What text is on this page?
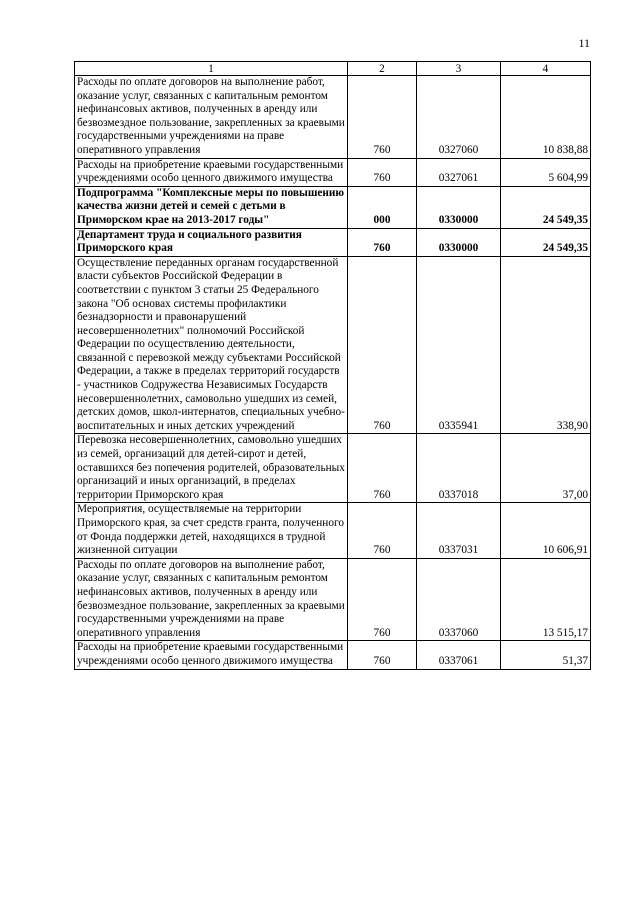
11
1	2	3	4
Расходы по оплате договоров на выполнение работ, оказание услуг, связанных с капитальным ремонтом нефинансовых активов, полученных в аренду или безвозмездное пользование, закрепленных за краевыми государственными учреждениями на праве оперативного управления	760	0327060	10 838,88
Расходы на приобретение краевыми государственными учреждениями особо ценного движимого имущества	760	0327061	5 604,99
Подпрограмма "Комплексные меры по повышению качества жизни детей и семей с детьми в Приморском крае на 2013-2017 годы"	000	0330000	24 549,35
Департамент труда и социального развития Приморского края	760	0330000	24 549,35
Осуществление переданных органам государственной власти субъектов Российской Федерации в соответствии с пунктом 3 статьи 25 Федерального закона "Об основах системы профилактики безнадзорности и правонарушений несовершеннолетних" полномочий Российской Федерации по осуществлению деятельности, связанной с перевозкой между субъектами Российской Федерации, а также в пределах территорий государств - участников Содружества Независимых Государств несовершеннолетних, самовольно ушедших из семей, детских домов, школ-интернатов, специальных учебно-воспитательных и иных детских учреждений	760	0335941	338,90
Перевозка несовершеннолетних, самовольно ушедших из семей, организаций для детей-сирот и детей, оставшихся без попечения родителей, образовательных организаций и иных организаций, в пределах территории Приморского края	760	0337018	37,00
Мероприятия, осуществляемые на территории Приморского края, за счет средств гранта, полученного от Фонда поддержки детей, находящихся в трудной жизненной ситуации	760	0337031	10 606,91
Расходы по оплате договоров на выполнение работ, оказание услуг, связанных с капитальным ремонтом нефинансовых активов, полученных в аренду или безвозмездное пользование, закрепленных за краевыми государственными учреждениями на праве оперативного управления	760	0337060	13 515,17
Расходы на приобретение краевыми государственными учреждениями особо ценного движимого имущества	760	0337061	51,37
